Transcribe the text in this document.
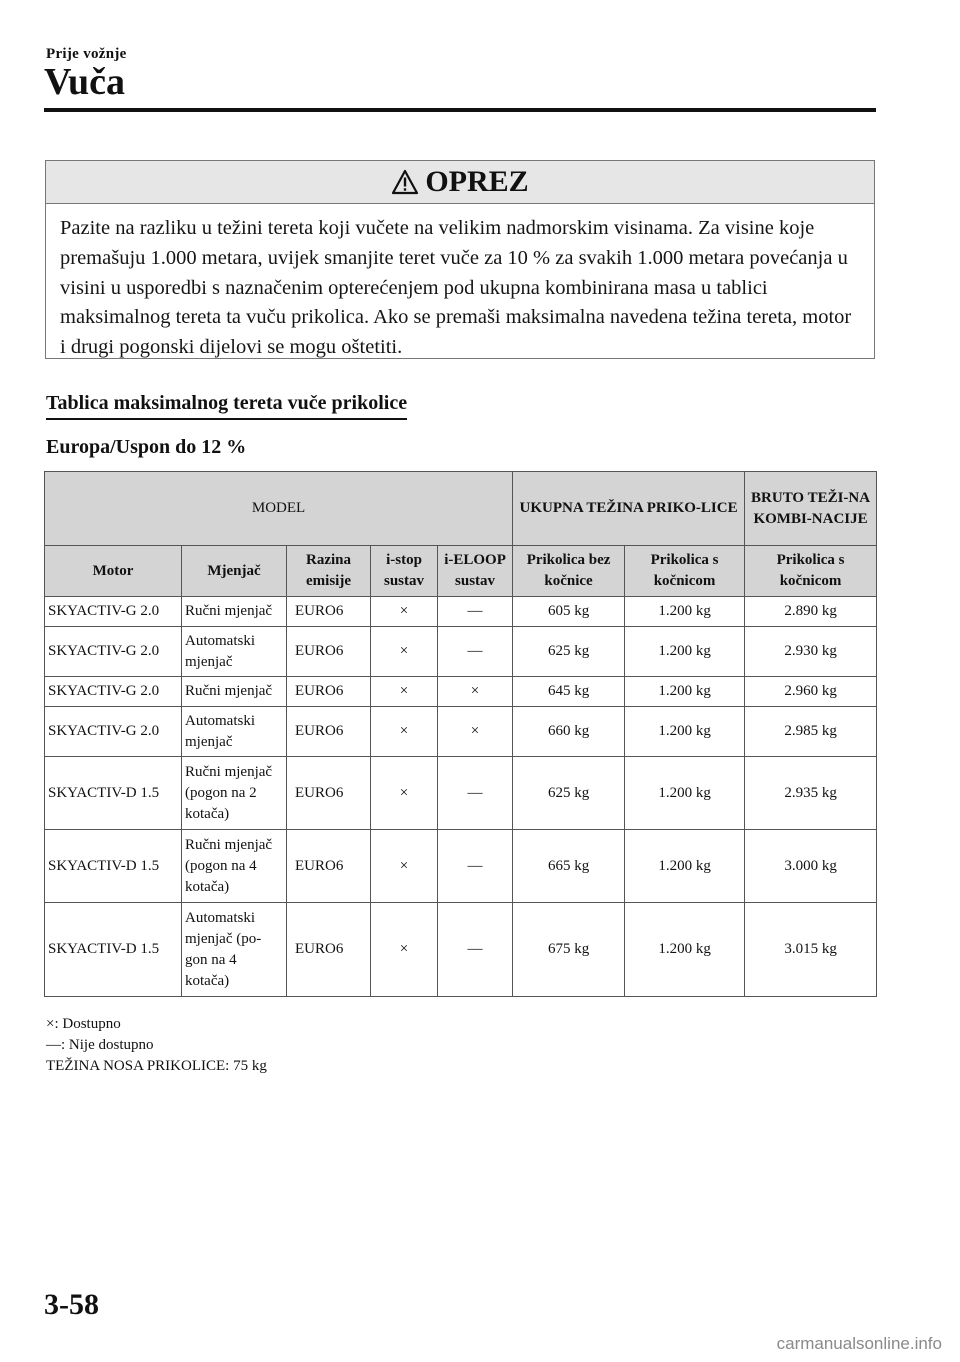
Prije vožnje
Vuča
OPREZ
Pazite na razliku u težini tereta koji vučete na velikim nadmorskim visinama. Za visine koje premašuju 1.000 metara, uvijek smanjite teret vuče za 10 % za svakih 1.000 metara povećanja u visini u usporedbi s naznačenim opterećenjem pod ukupna kombinirana masa u tablici maksimalnog tereta ta vuču prikolica. Ako se premaši maksimalna navedena težina tereta, motor i drugi pogonski dijelovi se mogu oštetiti.
Tablica maksimalnog tereta vuče prikolice
Europa/Uspon do 12 %
MODEL					UKUPNA TEŽINA PRIKO-LICE		BRUTO TEŽI-NA KOMBI-NACIJE
Motor	Mjenjač	Razina emisije	i-stop sustav	i-ELOOP sustav	Prikolica bez kočnice	Prikolica s kočnicom	Prikolica s kočnicom
SKYACTIV-G 2.0	Ručni mjenjač	EURO6	×	—	605 kg	1.200 kg	2.890 kg
SKYACTIV-G 2.0	Automatski mjenjač	EURO6	×	—	625 kg	1.200 kg	2.930 kg
SKYACTIV-G 2.0	Ručni mjenjač	EURO6	×	×	645 kg	1.200 kg	2.960 kg
SKYACTIV-G 2.0	Automatski mjenjač	EURO6	×	×	660 kg	1.200 kg	2.985 kg
SKYACTIV-D 1.5	Ručni mjenjač (pogon na 2 kotača)	EURO6	×	—	625 kg	1.200 kg	2.935 kg
SKYACTIV-D 1.5	Ručni mjenjač (pogon na 4 kotača)	EURO6	×	—	665 kg	1.200 kg	3.000 kg
SKYACTIV-D 1.5	Automatski mjenjač (po-gon na 4 kotača)	EURO6	×	—	675 kg	1.200 kg	3.015 kg
×: Dostupno
—: Nije dostupno
TEŽINA NOSA PRIKOLICE: 75 kg
3-58
carmanualsonline.info
